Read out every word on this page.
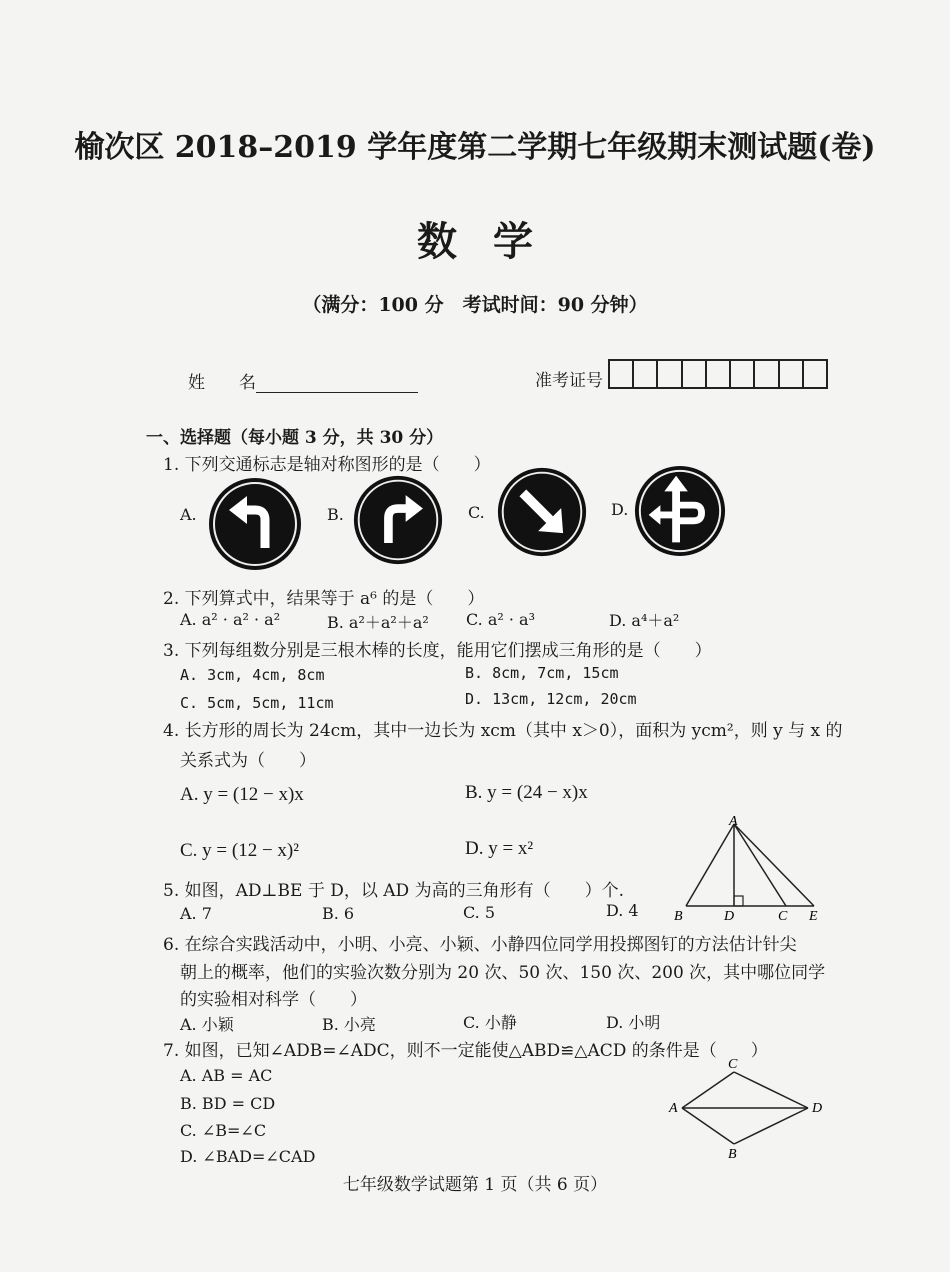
榆次区 2018–2019 学年度第二学期七年级期末测试题(卷)
数学
（满分：100 分　考试时间：90 分钟）
姓　　名	准考证号
一、选择题（每小题 3 分，共 30 分）
1. 下列交通标志是轴对称图形的是（　　）
A.	B.	C.	D.
2. 下列算式中，结果等于 a⁶ 的是（　　）
A. a² · a² · a²	B. a²＋a²＋a² C. a² · a³	D. a⁴＋a²
3. 下列每组数分别是三根木棒的长度，能用它们摆成三角形的是（　　）
A. 3cm, 4cm, 8cm	B. 8cm, 7cm, 15cm
C. 5cm, 5cm, 11cm	D. 13cm, 12cm, 20cm
4. 长方形的周长为 24cm，其中一边长为 xcm（其中 x＞0），面积为 ycm²，则 y 与 x 的
关系式为（　　）
A. y = (12 − x)x	B. y = (24 − x)x
C. y = (12 − x)²	D. y = x²
A
B	D	C E
5. 如图，AD⊥BE 于 D，以 AD 为高的三角形有（　　）个.
A. 7	B. 6	C. 5	D. 4
6. 在综合实践活动中，小明、小亮、小颖、小静四位同学用投掷图钉的方法估计针尖
朝上的概率，他们的实验次数分别为 20 次、50 次、150 次、200 次，其中哪位同学
的实验相对科学（　　）
A. 小颖	B. 小亮	C. 小静	D. 小明
7. 如图，已知∠ADB=∠ADC，则不一定能使△ABD≌△ACD 的条件是（　　）
A. AB = AC
B. BD = CD
C. ∠B=∠C
D. ∠BAD=∠CAD
C
A	D
B
七年级数学试题第 1 页（共 6 页）
